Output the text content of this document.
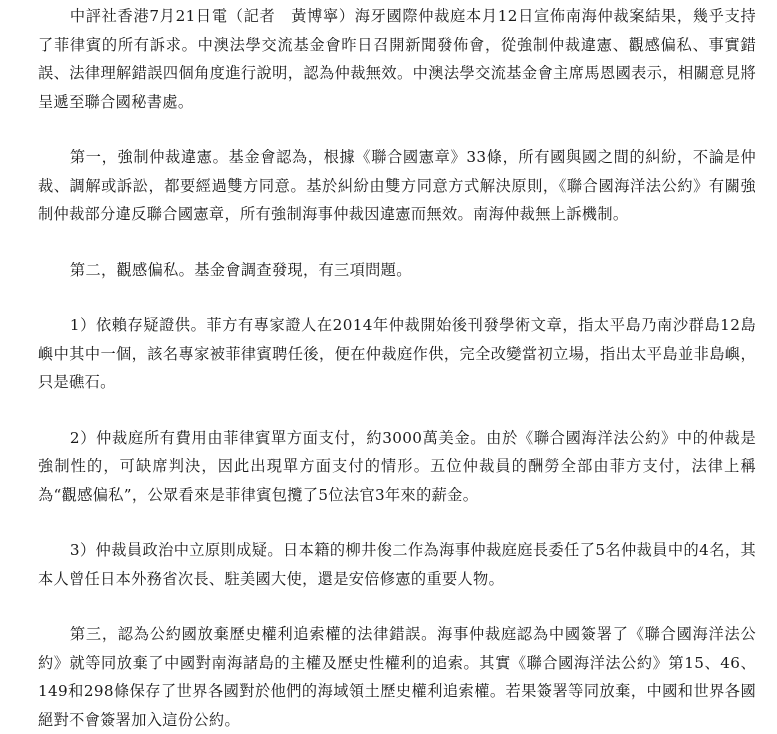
中評社香港7月21日電（記者　黃博寧）海牙國際仲裁庭本月12日宣佈南海仲裁案結果，幾乎支持了菲律賓的所有訴求。中澳法學交流基金會昨日召開新聞發佈會，從強制仲裁違憲、觀感偏私、事實錯誤、法律理解錯誤四個角度進行說明，認為仲裁無效。中澳法學交流基金會主席馬恩國表示，相關意見將呈遞至聯合國秘書處。

第一，強制仲裁違憲。基金會認為，根據《聯合國憲章》33條，所有國與國之間的糾紛，不論是仲裁、調解或訴訟，都要經過雙方同意。基於糾紛由雙方同意方式解決原則，《聯合國海洋法公約》有關強制仲裁部分違反聯合國憲章，所有強制海事仲裁因違憲而無效。南海仲裁無上訴機制。

第二，觀感偏私。基金會調查發現，有三項問題。

1）依賴存疑證供。菲方有專家證人在2014年仲裁開始後刊發學術文章，指太平島乃南沙群島12島嶼中其中一個，該名專家被菲律賓聘任後，便在仲裁庭作供，完全改變當初立場，指出太平島並非島嶼，只是礁石。

2）仲裁庭所有費用由菲律賓單方面支付，約3000萬美金。由於《聯合國海洋法公約》中的仲裁是強制性的，可缺席判決，因此出現單方面支付的情形。五位仲裁員的酬勞全部由菲方支付，法律上稱為“觀感偏私”，公眾看來是菲律賓包攬了5位法官3年來的薪金。

3）仲裁員政治中立原則成疑。日本籍的柳井俊二作為海事仲裁庭庭長委任了5名仲裁員中的4名，其本人曾任日本外務省次長、駐美國大使，還是安倍修憲的重要人物。

第三，認為公約國放棄歷史權利追索權的法律錯誤。海事仲裁庭認為中國簽署了《聯合國海洋法公約》就等同放棄了中國對南海諸島的主權及歷史性權利的追索。其實《聯合國海洋法公約》第15、46、149和298條保存了世界各國對於他們的海域領土歷史權利追索權。若果簽署等同放棄，中國和世界各國絕對不會簽署加入這份公約。
